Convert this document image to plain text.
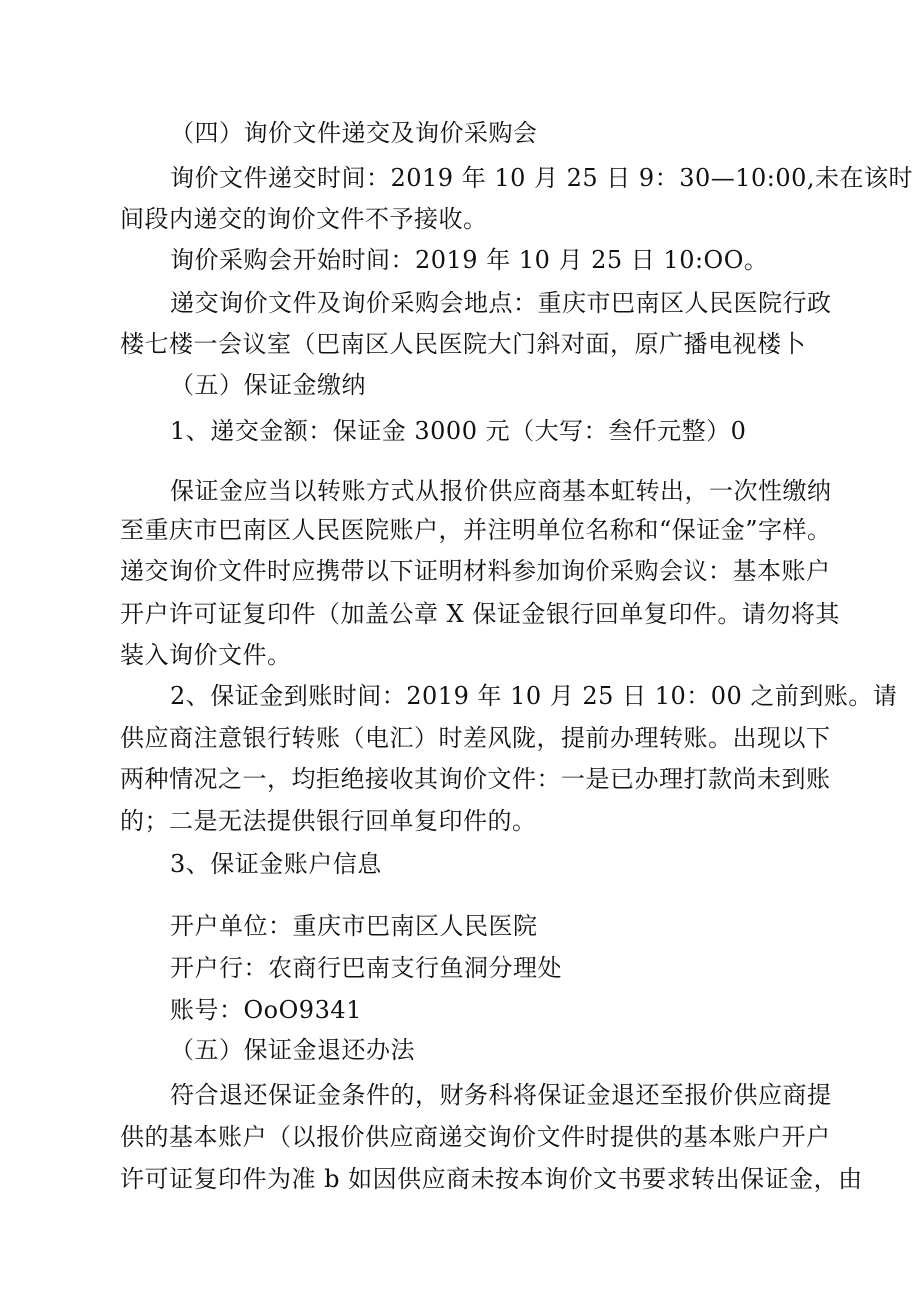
（四）询价文件递交及询价采购会
询价文件递交时间：2019 年 10 月 25 日 9：30—10:00,未在该时
间段内递交的询价文件不予接收。
询价采购会开始时间：2019 年 10 月 25 日 10:OO。
递交询价文件及询价采购会地点：重庆市巴南区人民医院行政
楼七楼一会议室（巴南区人民医院大门斜对面，原广播电视楼卜
（五）保证金缴纳
1、递交金额：保证金 3000 元（大写：叁仟元整）0
保证金应当以转账方式从报价供应商基本虹转出，一次性缴纳
至重庆市巴南区人民医院账户，并注明单位名称和“保证金”字样。
递交询价文件时应携带以下证明材料参加询价采购会议：基本账户
开户许可证复印件（加盖公章 X 保证金银行回单复印件。请勿将其
装入询价文件。
2、保证金到账时间：2019 年 10 月 25 日 10：00 之前到账。请
供应商注意银行转账（电汇）时差风陇，提前办理转账。出现以下
两种情况之一，均拒绝接收其询价文件：一是已办理打款尚未到账
的；二是无法提供银行回单复印件的。
3、保证金账户信息
开户单位：重庆市巴南区人民医院
开户行：农商行巴南支行鱼洞分理处
账号：OoO9341
（五）保证金退还办法
符合退还保证金条件的，财务科将保证金退还至报价供应商提
供的基本账户（以报价供应商递交询价文件时提供的基本账户开户
许可证复印件为准 b 如因供应商未按本询价文书要求转出保证金，由
